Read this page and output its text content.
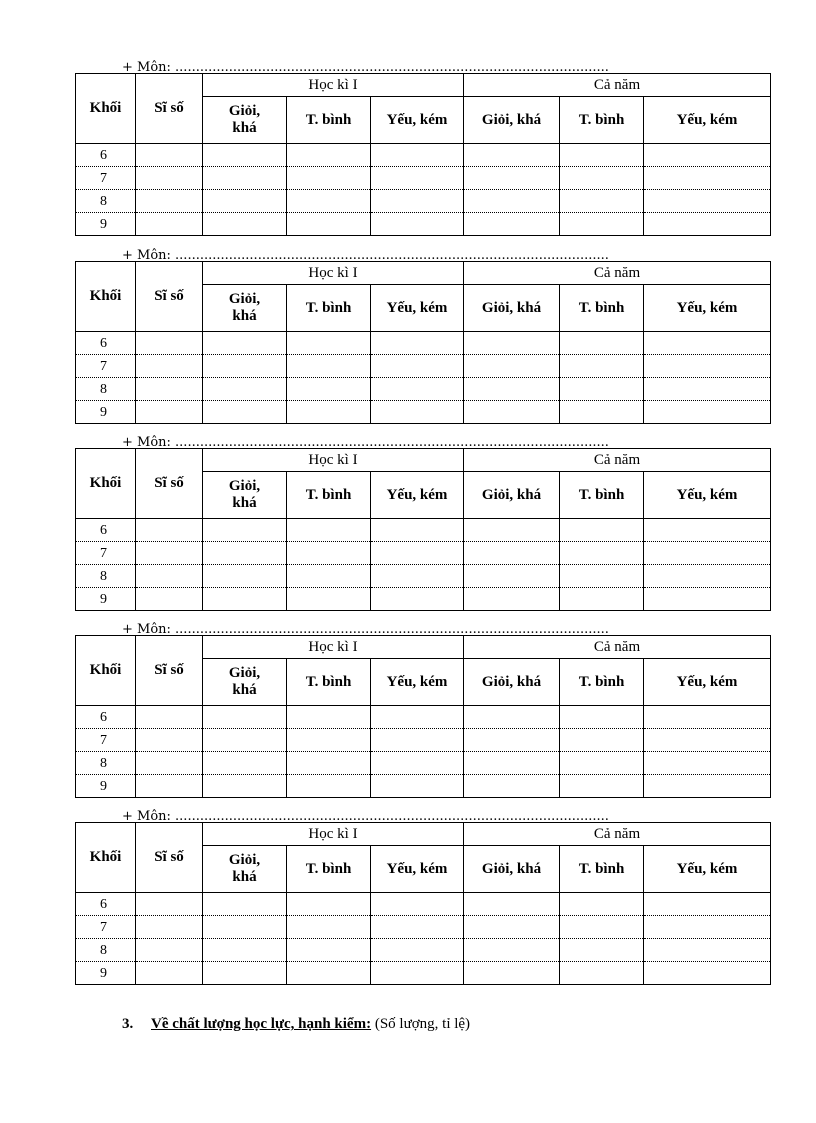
+ Môn: .........................................................................................................
Khối	Sĩ số	Học kì I			Cả năm		
		Giỏi, khá	T. bình	Yếu, kém	Giỏi, khá	T. bình	Yếu, kém
6							
7							
8							
9							
+ Môn: .........................................................................................................
Khối	Sĩ số	Học kì I			Cả năm		
		Giỏi, khá	T. bình	Yếu, kém	Giỏi, khá	T. bình	Yếu, kém
6							
7							
8							
9							
+ Môn: .........................................................................................................
Khối	Sĩ số	Học kì I			Cả năm		
		Giỏi, khá	T. bình	Yếu, kém	Giỏi, khá	T. bình	Yếu, kém
6							
7							
8							
9							
+ Môn: .........................................................................................................
Khối	Sĩ số	Học kì I			Cả năm		
		Giỏi, khá	T. bình	Yếu, kém	Giỏi, khá	T. bình	Yếu, kém
6							
7							
8							
9							
+ Môn: .........................................................................................................
Khối	Sĩ số	Học kì I			Cả năm		
		Giỏi, khá	T. bình	Yếu, kém	Giỏi, khá	T. bình	Yếu, kém
6							
7							
8							
9							
3. Về chất lượng học lực, hạnh kiểm: (Số lượng, tỉ lệ)
